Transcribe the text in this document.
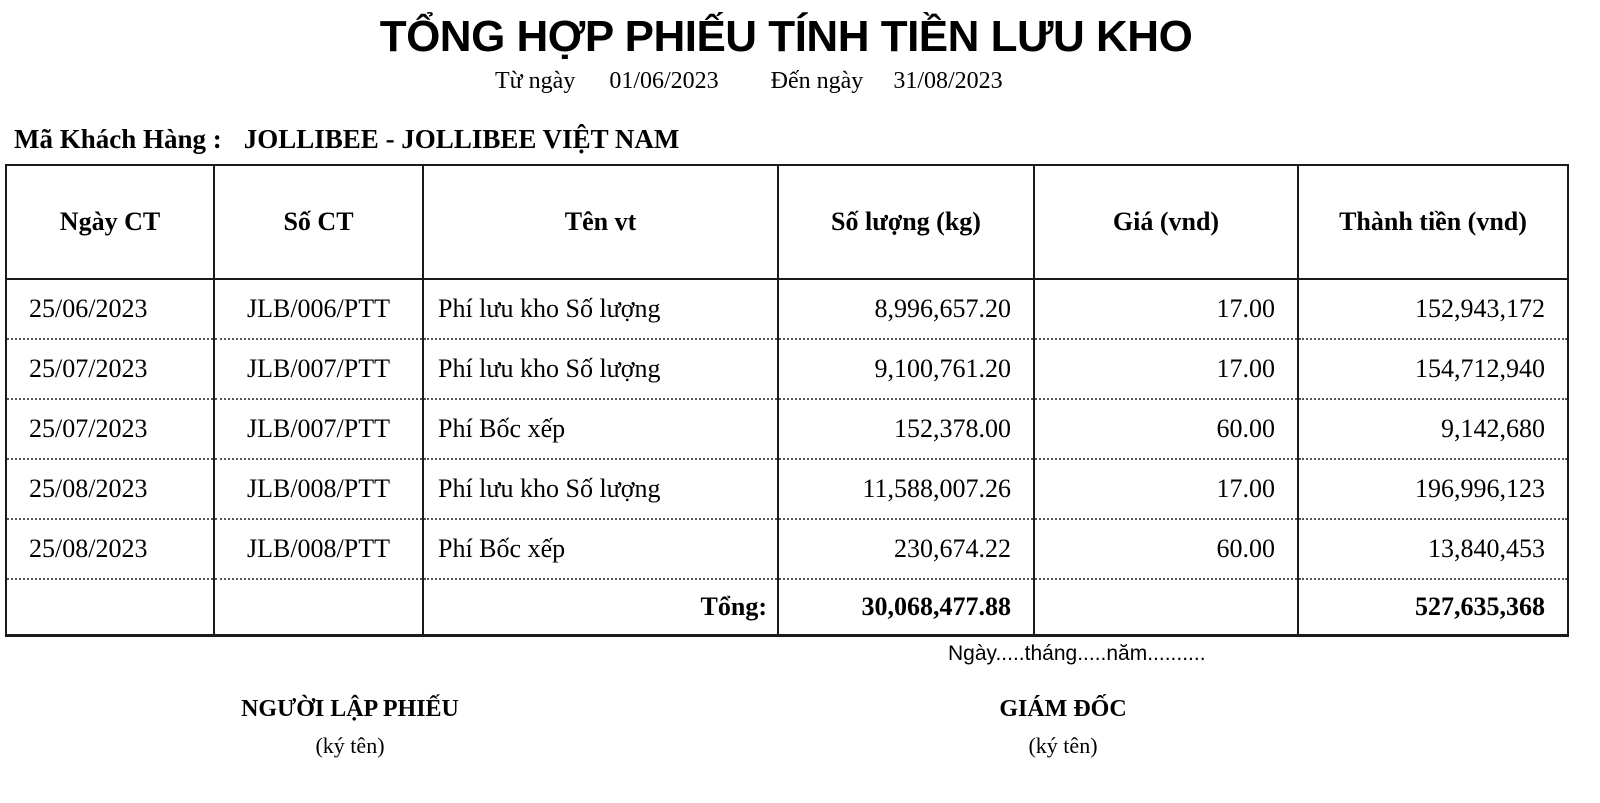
TỔNG HỢP PHIẾU TÍNH TIỀN LƯU KHO
Từ ngày 01/06/2023 Đến ngày 31/08/2023
Mã Khách Hàng : JOLLIBEE - JOLLIBEE VIỆT NAM
Ngày CT	Số CT	Tên vt	Số lượng (kg)	Giá (vnd)	Thành tiền (vnd)
25/06/2023	JLB/006/PTT	Phí lưu kho Số lượng	8,996,657.20	17.00	152,943,172
25/07/2023	JLB/007/PTT	Phí lưu kho Số lượng	9,100,761.20	17.00	154,712,940
25/07/2023	JLB/007/PTT	Phí Bốc xếp	152,378.00	60.00	9,142,680
25/08/2023	JLB/008/PTT	Phí lưu kho Số lượng	11,588,007.26	17.00	196,996,123
25/08/2023	JLB/008/PTT	Phí Bốc xếp	230,674.22	60.00	13,840,453
		Tổng:	30,068,477.88		527,635,368
Ngày.....tháng.....năm..........
NGƯỜI LẬP PHIẾU
(ký tên)
GIÁM ĐỐC
(ký tên)
